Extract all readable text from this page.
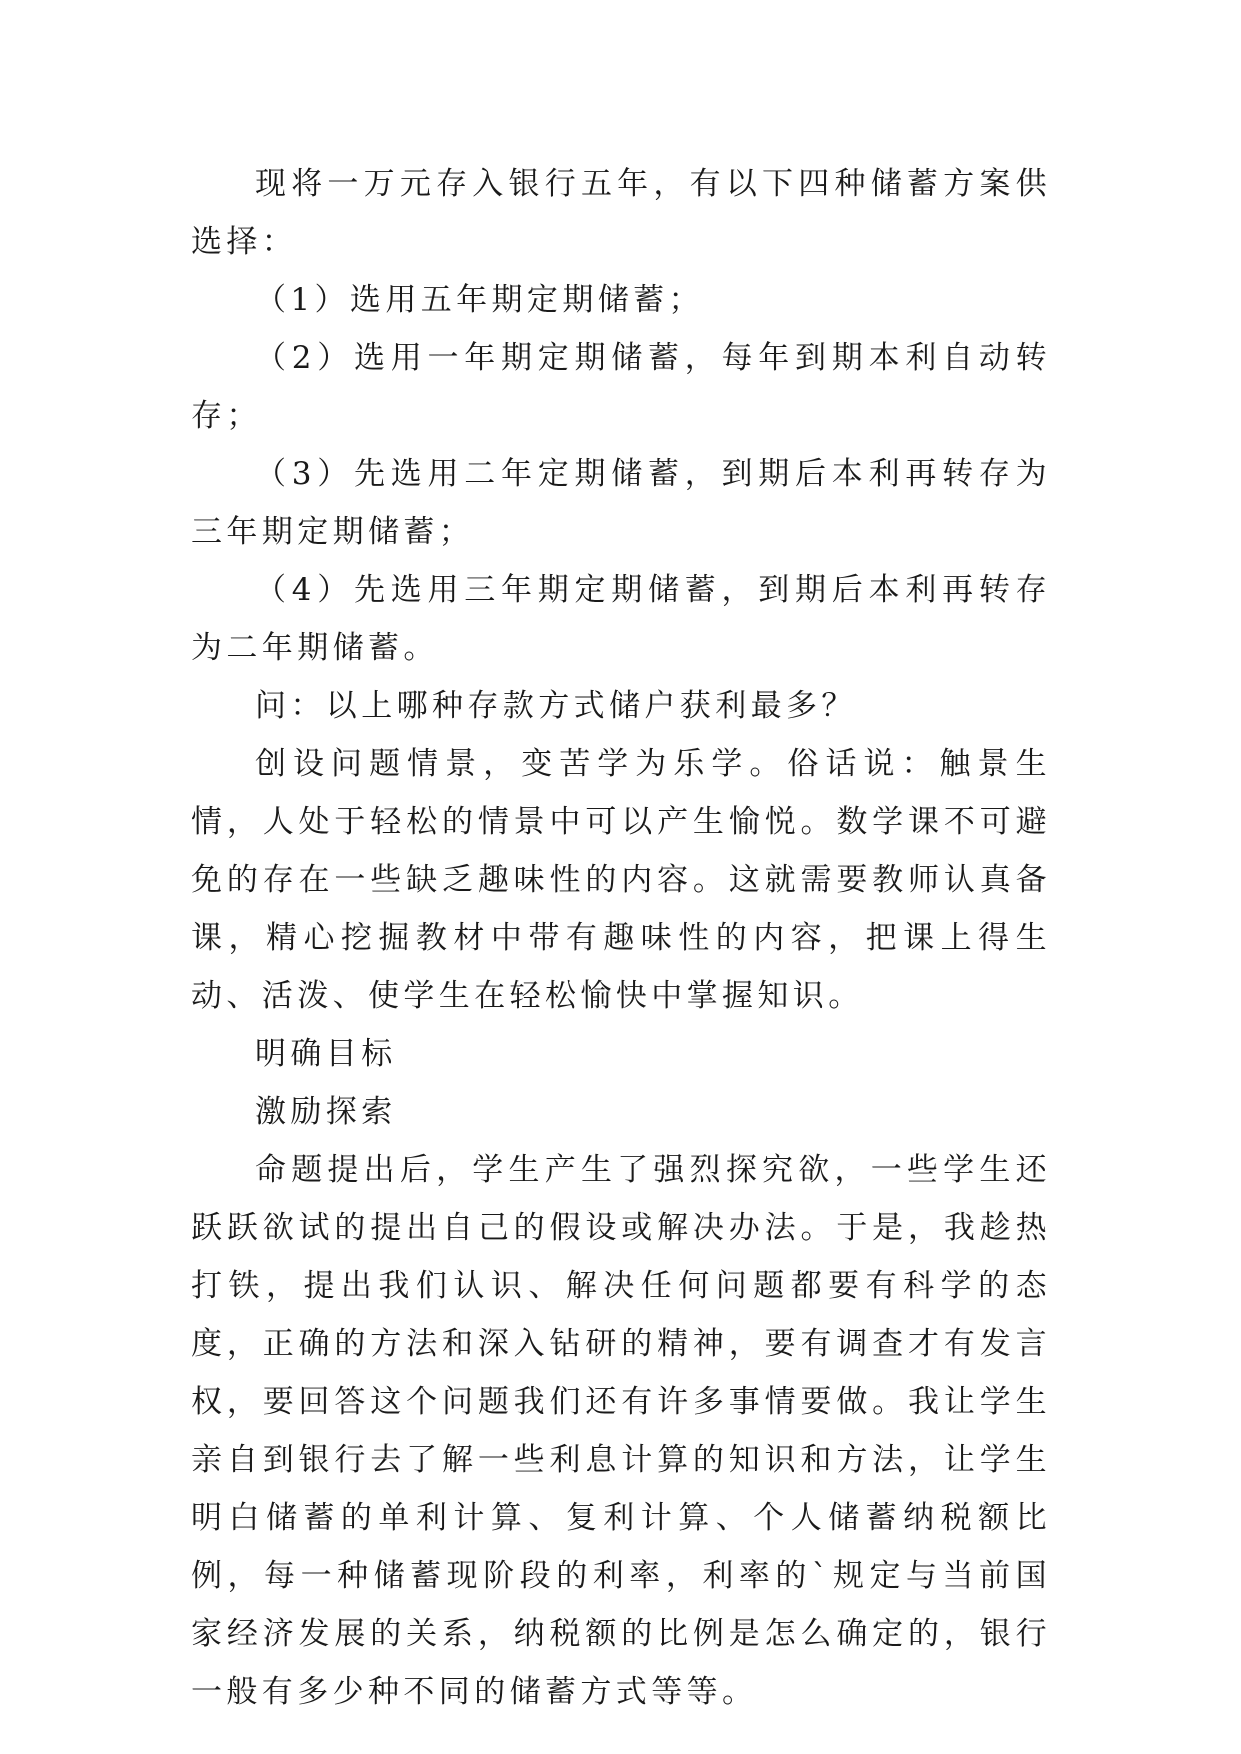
现将一万元存入银行五年，有以下四种储蓄方案供选择：

（1）选用五年期定期储蓄；

（2）选用一年期定期储蓄，每年到期本利自动转存；

（3）先选用二年定期储蓄，到期后本利再转存为三年期定期储蓄；

（4）先选用三年期定期储蓄，到期后本利再转存为二年期储蓄。

问：以上哪种存款方式储户获利最多？

创设问题情景，变苦学为乐学。俗话说：触景生情，人处于轻松的情景中可以产生愉悦。数学课不可避免的存在一些缺乏趣味性的内容。这就需要教师认真备课，精心挖掘教材中带有趣味性的内容，把课上得生动、活泼、使学生在轻松愉快中掌握知识。

明确目标

激励探索

命题提出后，学生产生了强烈探究欲，一些学生还跃跃欲试的提出自己的假设或解决办法。于是，我趁热打铁，提出我们认识、解决任何问题都要有科学的态度，正确的方法和深入钻研的精神，要有调查才有发言权，要回答这个问题我们还有许多事情要做。我让学生亲自到银行去了解一些利息计算的知识和方法，让学生明白储蓄的单利计算、复利计算、个人储蓄纳税额比例，每一种储蓄现阶段的利率，利率的`规定与当前国家经济发展的关系，纳税额的比例是怎么确定的，银行一般有多少种不同的储蓄方式等等。
